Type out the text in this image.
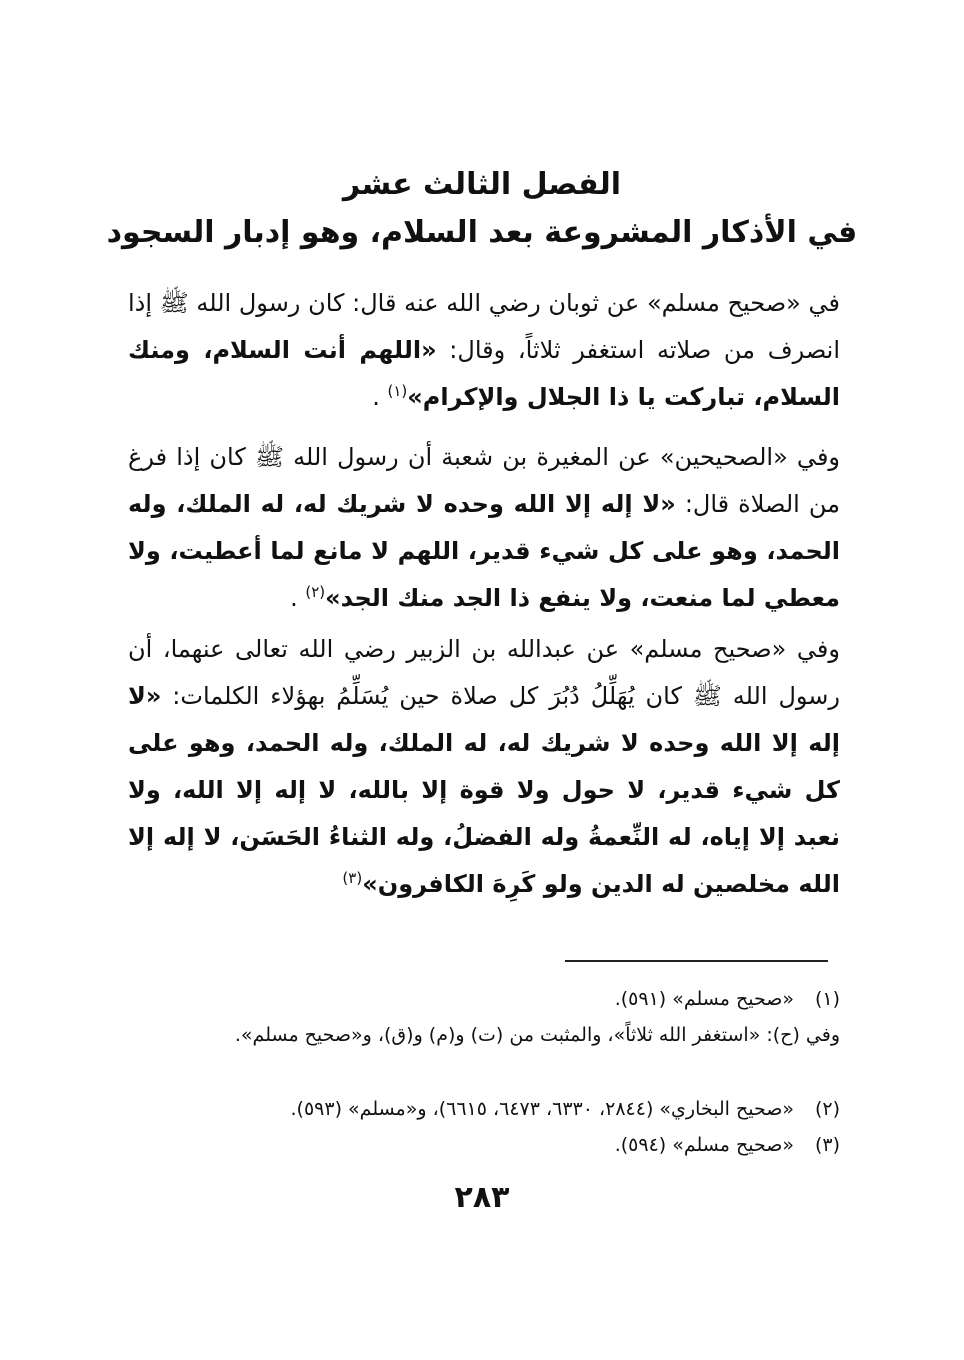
الفصل الثالث عشر
في الأذكار المشروعة بعد السلام، وهو إدبار السجود

في «صحيح مسلم» عن ثوبان رضي الله عنه قال: كان رسول الله ﷺ إذا انصرف من صلاته استغفر ثلاثاً، وقال: «اللهم أنت السلام، ومنك السلام، تباركت يا ذا الجلال والإكرام»$^{(١)}$ .

وفي «الصحيحين» عن المغيرة بن شعبة أن رسول الله ﷺ كان إذا فرغ من الصلاة قال: «لا إله إلا الله وحده لا شريك له، له الملك، وله الحمد، وهو على كل شيء قدير، اللهم لا مانع لما أعطيت، ولا معطي لما منعت، ولا ينفع ذا الجد منك الجد»$^{(٢)}$ .

وفي «صحيح مسلم» عن عبدالله بن الزبير رضي الله تعالى عنهما، أن رسول الله ﷺ كان يُهَلِّلُ دُبُرَ كل صلاة حين يُسَلِّمُ بهؤلاء الكلمات: «لا إله إلا الله وحده لا شريك له، له الملك، وله الحمد، وهو على كل شيء قدير، لا حول ولا قوة إلا بالله، لا إله إلا الله، ولا نعبد إلا إياه، له النِّعمةُ وله الفضلُ، وله الثناءُ الحَسَن، لا إله إلا الله مخلصين له الدين ولو كَرِهَ الكافرون»$^{(٣)}$

(١)«صحيح مسلم» (٥٩١).

وفي (ح): «استغفر الله ثلاثاً»، والمثبت من (ت) و(م) و(ق)، و«صحيح مسلم».

(٢)«صحيح البخاري» (٢٨٤٤، ٦٣٣٠، ٦٤٧٣، ٦٦١٥)، و«مسلم» (٥٩٣).

(٣)«صحيح مسلم» (٥٩٤).

٢٨٣
